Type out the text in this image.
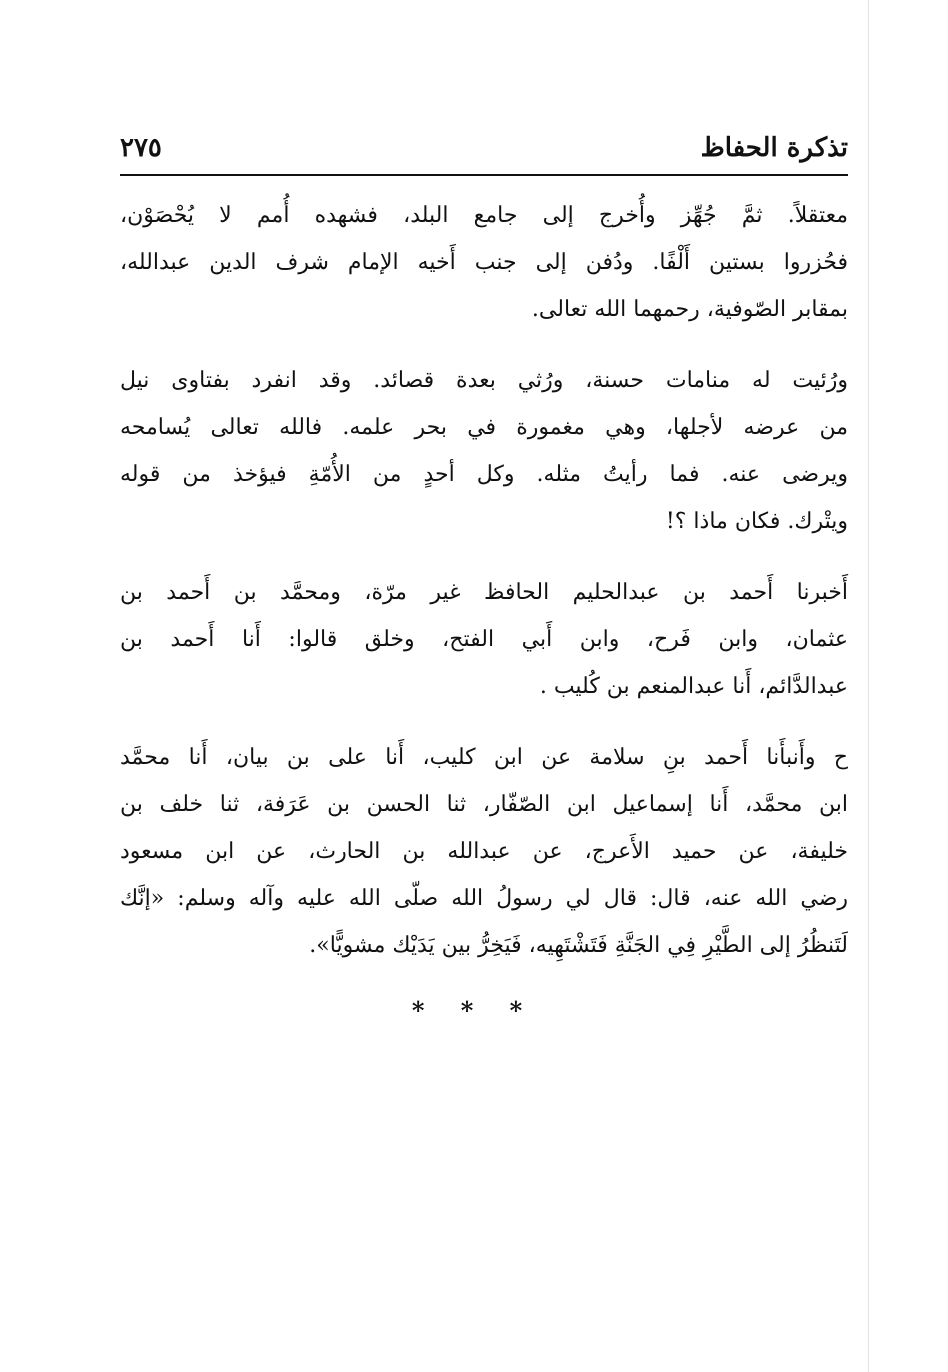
تذكرة الحفاظ
٢٧٥
معتقلاً. ثمَّ جُهِّز وأُخرج إلى جامع البلد، فشهده أُمم لا يُحْصَوْن،
فحُزروا بستين أَلْفًا. ودُفن إلى جنب أَخيه الإمام شرف الدين عبدالله،
بمقابر الصّوفية، رحمهما الله تعالى.
ورُئيت له منامات حسنة، ورُثي بعدة قصائد. وقد انفرد بفتاوى نيل
من عرضه لأجلها، وهي مغمورة في بحر علمه. فالله تعالى يُسامحه
ويرضى عنه. فما رأيتُ مثله. وكل أحدٍ من الأُمّةِ فيؤخذ من قوله
ويتْرك. فكان ماذا ؟!
أَخبرنا أَحمد بن عبدالحليم الحافظ غير مرّة، ومحمَّد بن أَحمد بن
عثمان، وابن فَرح، وابن أَبي الفتح، وخلق قالوا: أَنا أَحمد بن
عبدالدَّائم، أَنا عبدالمنعم بن كُليب .
ح وأَنبأَنا أَحمد بنِ سلامة عن ابن كليب، أَنا على بن بيان، أَنا محمَّد
ابن محمَّد، أَنا إسماعيل ابن الصّفّار، ثنا الحسن بن عَرَفة، ثنا خلف بن
خليفة، عن حميد الأَعرج، عن عبدالله بن الحارث، عن ابن مسعود
رضي الله عنه، قال: قال لي رسولُ الله صلّى الله عليه وآله وسلم: «إنَّك
لَتَنظُرُ إلى الطَّيْرِ فِي الجَنَّةِ فَتَشْتَهِيه، فَيَخِرُّ بين يَدَيْك مشويًّا».
* * *
